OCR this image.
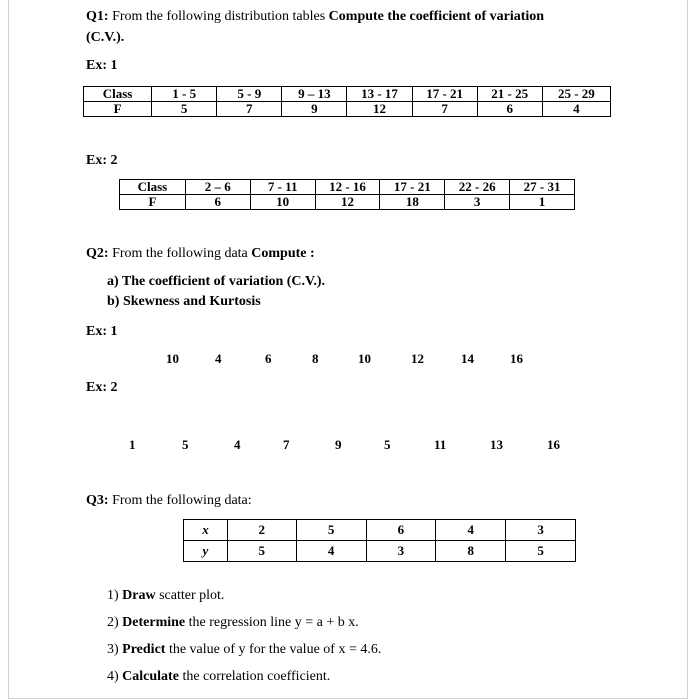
Q1: From the following distribution tables Compute the coefficient of variation
(C.V.).
Ex: 1
Class	1 - 5	5 - 9	9 – 13	13 - 17	17 - 21	21 - 25	25 - 29
F	5	7	9	12	7	6	4
Ex: 2
Class	2 – 6	7 - 11	12 - 16	17 - 21	22 - 26	27 - 31
F	6	10	12	18	3	1
Q2: From the following data Compute :
a) The coefficient of variation (C.V.).
b) Skewness and Kurtosis
Ex: 1
10	4	6	8	10	12	14	16
Ex: 2
1	5	4	7	9	5	11	13	16
Q3: From the following data:
x	2	5	6	4	3
y	5	4	3	8	5
1) Draw scatter plot.
2) Determine the regression line y = a + b x.
3) Predict the value of y for the value of x = 4.6.
4) Calculate the correlation coefficient.
